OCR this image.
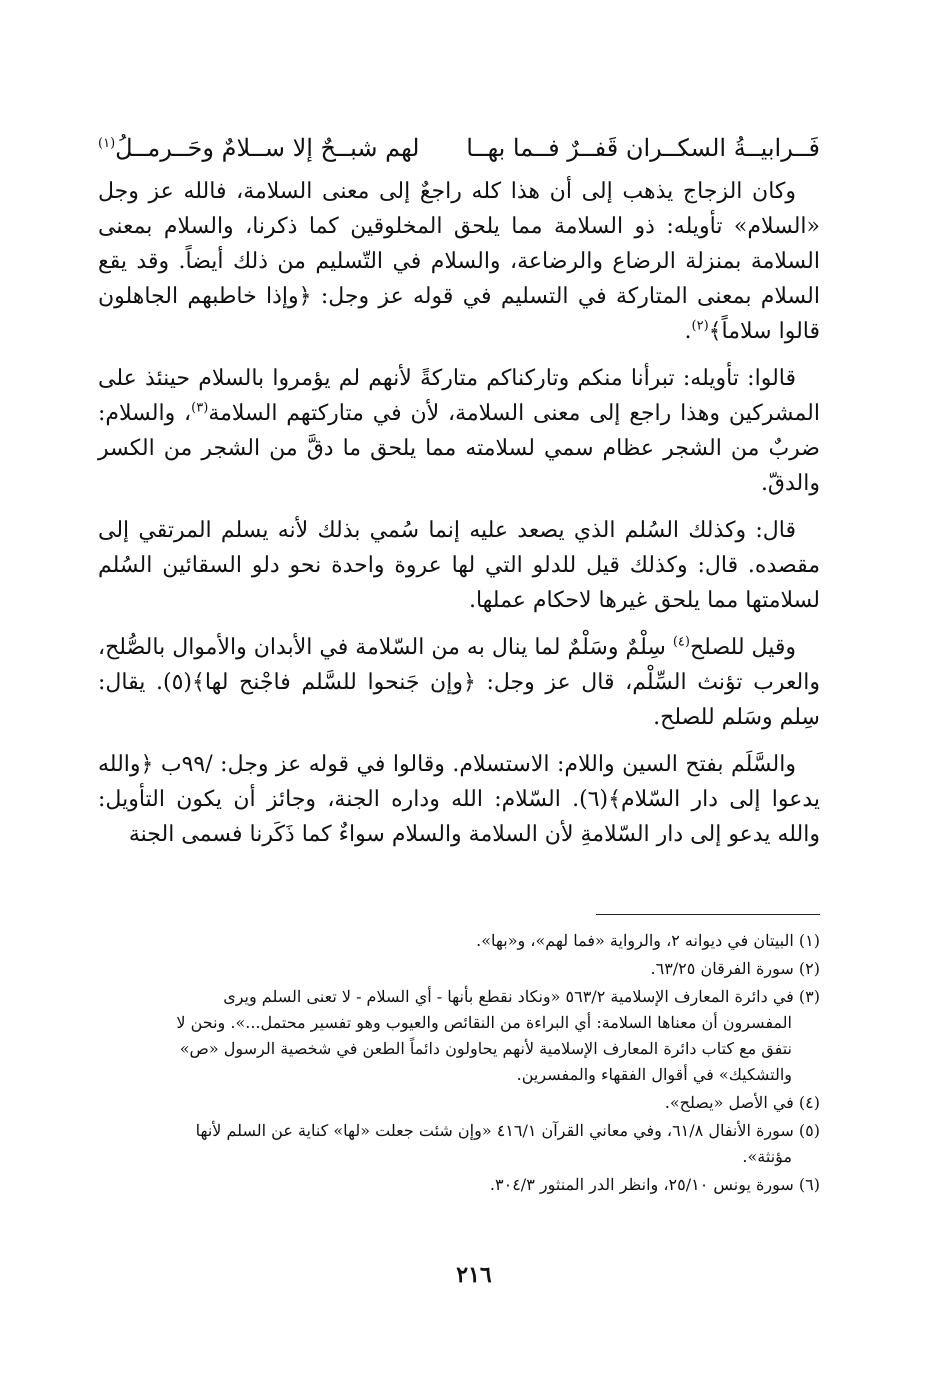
فَــرابيــةُ السكــران قَفــرٌ فــما بهــا
لهم شبــحٌ إلا ســلامٌ وحَــرمــلُ$^{(١)}$

وكان الزجاج يذهب إلى أن هذا كله راجعٌ إلى معنى السلامة، فالله عز وجل «السلام» تأويله: ذو السلامة مما يلحق المخلوقين كما ذكرنا، والسلام بمعنى السلامة بمنزلة الرضاع والرضاعة، والسلام في التّسليم من ذلك أيضاً. وقد يقع السلام بمعنى المتاركة في التسليم في قوله عز وجل: ﴿وإذا خاطبهم الجاهلون قالوا سلاماً﴾$^{(٢)}$.

قالوا: تأويله: تبرأنا منكم وتاركناكم متاركةً لأنهم لم يؤمروا بالسلام حينئذ على المشركين وهذا راجع إلى معنى السلامة، لأن في متاركتهم السلامة$^{(٣)}$، والسلام: ضربٌ من الشجر عظام سمي لسلامته مما يلحق ما دقَّ من الشجر من الكسر والدقّ.

قال: وكذلك السُلم الذي يصعد عليه إنما سُمي بذلك لأنه يسلم المرتقي إلى مقصده. قال: وكذلك قيل للدلو التي لها عروة واحدة نحو دلو السقائين السُلم لسلامتها مما يلحق غيرها لاحكام عملها.

وقيل للصلح$^{(٤)}$ سِلْمٌ وسَلْمٌ لما ينال به من السّلامة في الأبدان والأموال بالصُّلح، والعرب تؤنث السِّلْم، قال عز وجل: ﴿وإن جَنحوا للسَّلم فاجْنح لها﴾(٥). يقال: سِلم وسَلم للصلح.

والسَّلَم بفتح السين واللام: الاستسلام. وقالوا في قوله عز وجل: /٩٩ب ﴿والله يدعوا إلى دار السّلام﴾(٦). السّلام: الله وداره الجنة، وجائز أن يكون التأويل: والله يدعو إلى دار السّلامةِ لأن السلامة والسلام سواءٌ كما ذَكَرنا فسمى الجنة

(١) البيتان في ديوانه ٢، والرواية «فما لهم»، و«بها».
(٢) سورة الفرقان ٦٣/٢٥.
(٣) في دائرة المعارف الإسلامية ٥٦٣/٢ «ونكاد نقطع بأنها - أي السلام - لا تعنى السلم ويرى المفسرون أن معناها السلامة: أي البراءة من النقائص والعيوب وهو تفسير محتمل...». ونحن لا نتفق مع كتاب دائرة المعارف الإسلامية لأنهم يحاولون دائماً الطعن في شخصية الرسول «ص» والتشكيك» في أقوال الفقهاء والمفسرين.
(٤) في الأصل «يصلح».
(٥) سورة الأنفال ٦١/٨، وفي معاني القرآن ٤١٦/١ «وإن شئت جعلت «لها» كناية عن السلم لأنها مؤنثة».
(٦) سورة يونس ٢٥/١٠، وانظر الدر المنثور ٣٠٤/٣.
٢١٦
